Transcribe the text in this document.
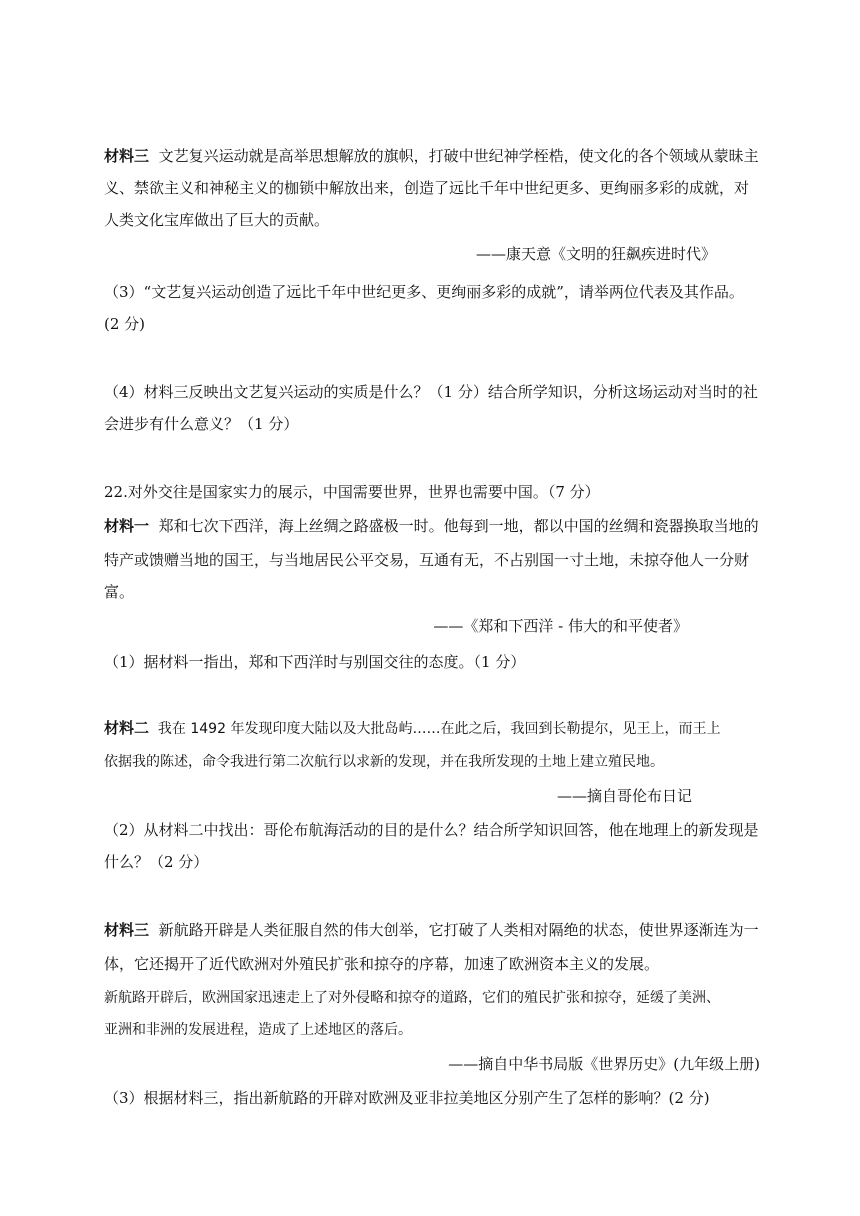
材料三 文艺复兴运动就是高举思想解放的旗帜，打破中世纪神学桎梏，使文化的各个领域从蒙昧主
义、禁欲主义和神秘主义的枷锁中解放出来，创造了远比千年中世纪更多、更绚丽多彩的成就，对
人类文化宝库做出了巨大的贡献。
——康天意《文明的狂飙疾进时代》
（3）“文艺复兴运动创造了远比千年中世纪更多、更绚丽多彩的成就”，请举两位代表及其作品。
(2 分)
（4）材料三反映出文艺复兴运动的实质是什么？（1 分）结合所学知识，分析这场运动对当时的社
会进步有什么意义？（1 分）
22.对外交往是国家实力的展示，中国需要世界，世界也需要中国。（7 分）
材料一 郑和七次下西洋，海上丝绸之路盛极一时。他每到一地，都以中国的丝绸和瓷器换取当地的
特产或馈赠当地的国王，与当地居民公平交易，互通有无，不占别国一寸土地，未掠夺他人一分财
富。
——《郑和下西洋 - 伟大的和平使者》
（1）据材料一指出，郑和下西洋时与别国交往的态度。（1 分）
材料二 我在 1492 年发现印度大陆以及大批岛屿……在此之后，我回到长勒提尔，见王上，而王上
依据我的陈述，命令我进行第二次航行以求新的发现，并在我所发现的土地上建立殖民地。
——摘自哥伦布日记
（2）从材料二中找出：哥伦布航海活动的目的是什么？结合所学知识回答，他在地理上的新发现是
什么？（2 分）
材料三 新航路开辟是人类征服自然的伟大创举，它打破了人类相对隔绝的状态，使世界逐渐连为一
体，它还揭开了近代欧洲对外殖民扩张和掠夺的序幕，加速了欧洲资本主义的发展。
新航路开辟后，欧洲国家迅速走上了对外侵略和掠夺的道路，它们的殖民扩张和掠夺，延缓了美洲、
亚洲和非洲的发展进程，造成了上述地区的落后。
——摘自中华书局版《世界历史》(九年级上册)
（3）根据材料三，指出新航路的开辟对欧洲及亚非拉美地区分别产生了怎样的影响？(2 分)
